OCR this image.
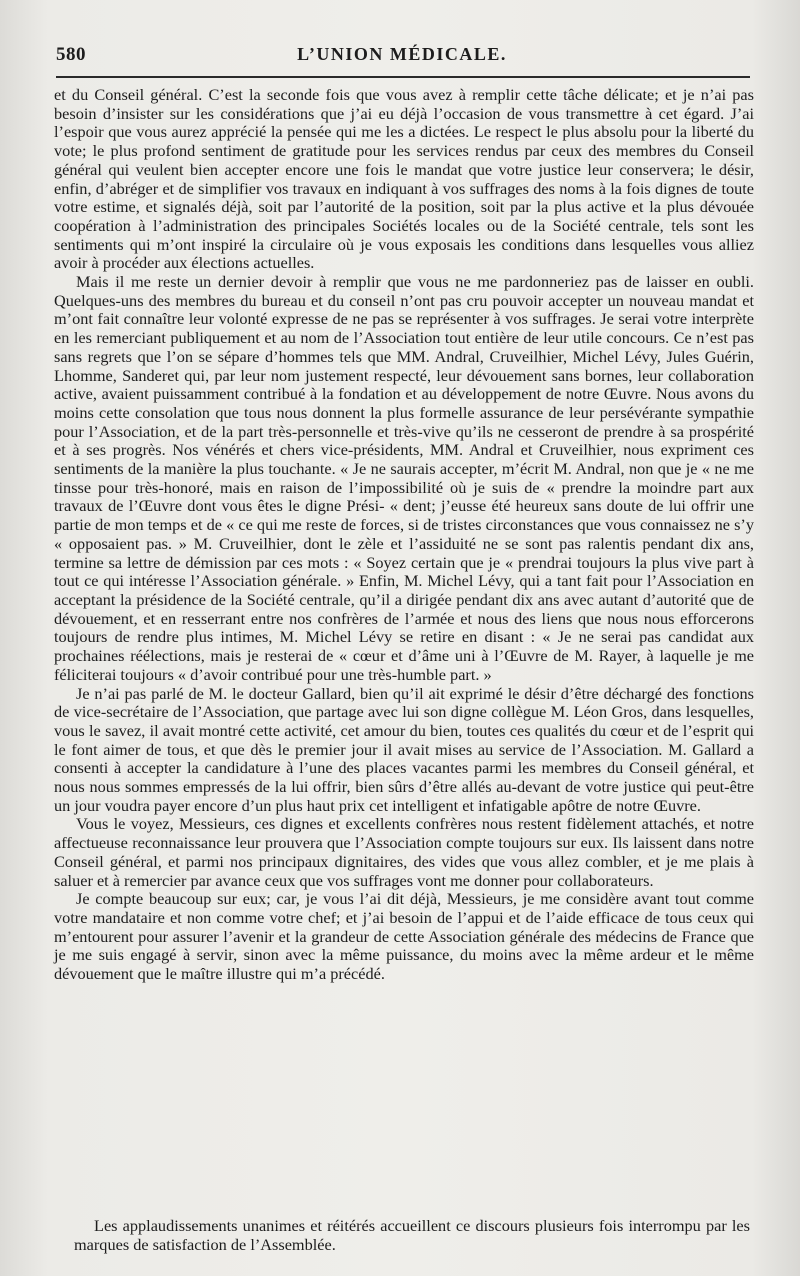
580	L’UNION MÉDICALE.

et du Conseil général. C’est la seconde fois que vous avez à remplir cette tâche délicate; et je n’ai pas besoin d’insister sur les considérations que j’ai eu déjà l’occasion de vous transmettre à cet égard. J’ai l’espoir que vous aurez apprécié la pensée qui me les a dictées. Le respect le plus absolu pour la liberté du vote; le plus profond sentiment de gratitude pour les services rendus par ceux des membres du Conseil général qui veulent bien accepter encore une fois le mandat que votre justice leur conservera; le désir, enfin, d’abréger et de simplifier vos travaux en indiquant à vos suffrages des noms à la fois dignes de toute votre estime, et signalés déjà, soit par l’autorité de la position, soit par la plus active et la plus dévouée coopération à l’administration des principales Sociétés locales ou de la Société centrale, tels sont les sentiments qui m’ont inspiré la circulaire où je vous exposais les conditions dans lesquelles vous alliez avoir à procéder aux élections actuelles.

Mais il me reste un dernier devoir à remplir que vous ne me pardonneriez pas de laisser en oubli. Quelques-uns des membres du bureau et du conseil n’ont pas cru pouvoir accepter un nouveau mandat et m’ont fait connaître leur volonté expresse de ne pas se représenter à vos suffrages. Je serai votre interprète en les remerciant publiquement et au nom de l’Association tout entière de leur utile concours. Ce n’est pas sans regrets que l’on se sépare d’hommes tels que MM. Andral, Cruveilhier, Michel Lévy, Jules Guérin, Lhomme, Sanderet qui, par leur nom justement respecté, leur dévouement sans bornes, leur collaboration active, avaient puissamment contribué à la fondation et au développement de notre Œuvre. Nous avons du moins cette consolation que tous nous donnent la plus formelle assurance de leur persévérante sympathie pour l’Association, et de la part très-personnelle et très-vive qu’ils ne cesseront de prendre à sa prospérité et à ses progrès. Nos vénérés et chers vice-présidents, MM. Andral et Cruveilhier, nous expriment ces sentiments de la manière la plus touchante. « Je ne saurais accepter, m’écrit M. Andral, non que je « ne me tinsse pour très-honoré, mais en raison de l’impossibilité où je suis de « prendre la moindre part aux travaux de l’Œuvre dont vous êtes le digne Prési- « dent; j’eusse été heureux sans doute de lui offrir une partie de mon temps et de « ce qui me reste de forces, si de tristes circonstances que vous connaissez ne s’y « opposaient pas. » M. Cruveilhier, dont le zèle et l’assiduité ne se sont pas ralentis pendant dix ans, termine sa lettre de démission par ces mots : « Soyez certain que je « prendrai toujours la plus vive part à tout ce qui intéresse l’Association générale. » Enfin, M. Michel Lévy, qui a tant fait pour l’Association en acceptant la présidence de la Société centrale, qu’il a dirigée pendant dix ans avec autant d’autorité que de dévouement, et en resserrant entre nos confrères de l’armée et nous des liens que nous nous efforcerons toujours de rendre plus intimes, M. Michel Lévy se retire en disant : « Je ne serai pas candidat aux prochaines réélections, mais je resterai de « cœur et d’âme uni à l’Œuvre de M. Rayer, à laquelle je me féliciterai toujours « d’avoir contribué pour une très-humble part. »

Je n’ai pas parlé de M. le docteur Gallard, bien qu’il ait exprimé le désir d’être déchargé des fonctions de vice-secrétaire de l’Association, que partage avec lui son digne collègue M. Léon Gros, dans lesquelles, vous le savez, il avait montré cette activité, cet amour du bien, toutes ces qualités du cœur et de l’esprit qui le font aimer de tous, et que dès le premier jour il avait mises au service de l’Association. M. Gallard a consenti à accepter la candidature à l’une des places vacantes parmi les membres du Conseil général, et nous nous sommes empressés de la lui offrir, bien sûrs d’être allés au-devant de votre justice qui peut-être un jour voudra payer encore d’un plus haut prix cet intelligent et infatigable apôtre de notre Œuvre.

Vous le voyez, Messieurs, ces dignes et excellents confrères nous restent fidèlement attachés, et notre affectueuse reconnaissance leur prouvera que l’Association compte toujours sur eux. Ils laissent dans notre Conseil général, et parmi nos principaux dignitaires, des vides que vous allez combler, et je me plais à saluer et à remercier par avance ceux que vos suffrages vont me donner pour collaborateurs.

Je compte beaucoup sur eux; car, je vous l’ai dit déjà, Messieurs, je me considère avant tout comme votre mandataire et non comme votre chef; et j’ai besoin de l’appui et de l’aide efficace de tous ceux qui m’entourent pour assurer l’avenir et la grandeur de cette Association générale des médecins de France que je me suis engagé à servir, sinon avec la même puissance, du moins avec la même ardeur et le même dévouement que le maître illustre qui m’a précédé.

Les applaudissements unanimes et réitérés accueillent ce discours plusieurs fois interrompu par les marques de satisfaction de l’Assemblée.
